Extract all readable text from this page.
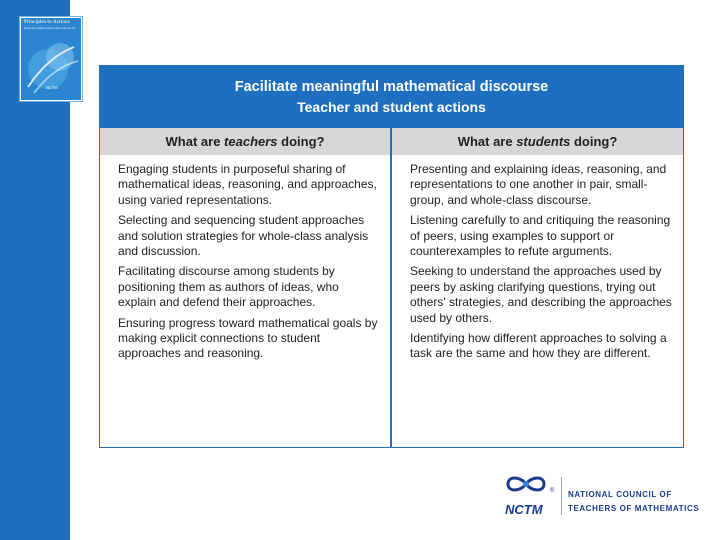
Principles to Actions
Ensuring Mathematical Success for All
NCTM	Facilitate meaningful mathematical discourse
Teacher and student actions
What are teachers doing?	What are students doing?
Engaging students in purposeful sharing of mathematical ideas, reasoning, and approaches, using varied representations.
Selecting and sequencing student approaches and solution strategies for whole-class analysis and discussion.
Facilitating discourse among students by positioning them as authors of ideas, who explain and defend their approaches.
Ensuring progress toward mathematical goals by making explicit connections to student approaches and reasoning.
Presenting and explaining ideas, reasoning, and representations to one another in pair, small-group, and whole-class discourse.
Listening carefully to and critiquing the reasoning of peers, using examples to support or counterexamples to refute arguments.
Seeking to understand the approaches used by peers by asking clarifying questions, trying out others' strategies, and describing the approaches used by others.
Identifying how different approaches to solving a task are the same and how they are different.
®
NCTM
NATIONAL COUNCIL OF
TEACHERS OF MATHEMATICS
